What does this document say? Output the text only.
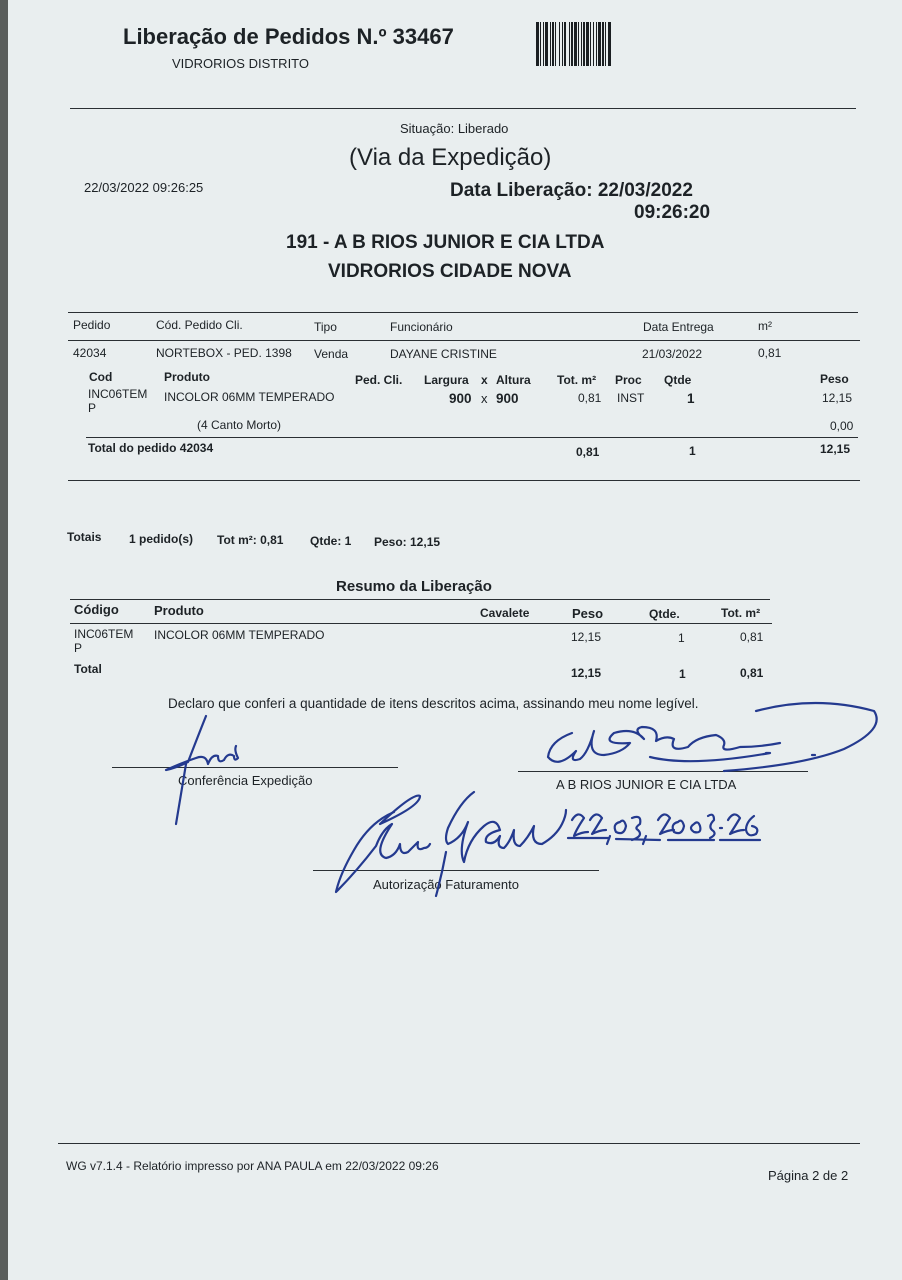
Liberação de Pedidos N.º 33467
VIDRORIOS DISTRITO
Situação: Liberado
(Via da Expedição)
22/03/2022 09:26:25	Data Liberação: 22/03/2022
09:26:20
191 - A B RIOS JUNIOR E CIA LTDA
VIDRORIOS CIDADE NOVA
Pedido	Cód. Pedido Cli.	Tipo	Funcionário	Data Entrega	m²
42034	NORTEBOX - PED. 1398 Venda	DAYANE CRISTINE	21/03/2022	0,81
Cod	Produto	Ped. Cli. Largura x Altura Tot. m² Proc Qtde	Peso
INC06TEM
P
INCOLOR 06MM TEMPERADO	900 x 900	0,81 INST	1	12,15
(4 Canto Morto)	0,00
Total do pedido 42034	0,81	1	12,15
Totais 1 pedido(s) Tot m²: 0,81 Qtde: 1 Peso: 12,15
Resumo da Liberação
Código	Produto	Cavalete	Peso	Qtde.	Tot. m²
INC06TEM
P
INCOLOR 06MM TEMPERADO	12,15	1	0,81
Total	12,15	1	0,81
Declaro que conferi a quantidade de itens descritos acima, assinando meu nome legível.
Conferência Expedição	A B RIOS JUNIOR E CIA LTDA
Autorização Faturamento
WG v7.1.4 - Relatório impresso por ANA PAULA em 22/03/2022 09:26
Página 2 de 2
